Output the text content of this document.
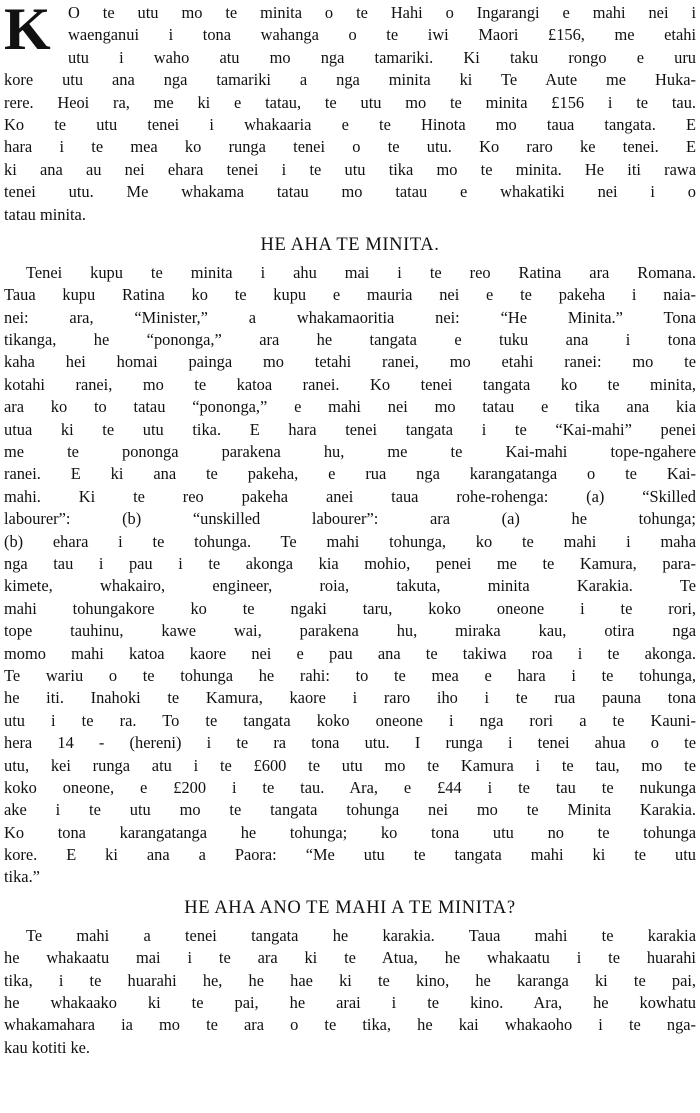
K O te utu mo te minita o te Hahi o Ingarangi e mahi nei i
waenganui i tona wahanga o te iwi Maori £156, me etahi
utu i waho atu mo nga tamariki. Ki taku rongo e uru
kore utu ana nga tamariki a nga minita ki Te Aute me Huka-
rere. Heoi ra, me ki e tatau, te utu mo te minita £156 i te tau.
Ko te utu tenei i whakaaria e te Hinota mo taua tangata. E
hara i te mea ko runga tenei o te utu. Ko raro ke tenei. E
ki ana au nei ehara tenei i te utu tika mo te minita. He iti rawa
tenei utu. Me whakama tatau mo tatau e whakatiki nei i o
tatau minita.
HE AHA TE MINITA.
Tenei kupu te minita i ahu mai i te reo Ratina ara Romana.
Taua kupu Ratina ko te kupu e mauria nei e te pakeha i naia-
nei: ara, “Minister,” a whakamaoritia nei: “He Minita.” Tona
tikanga, he “pononga,” ara he tangata e tuku ana i tona
kaha hei homai painga mo tetahi ranei, mo etahi ranei: mo te
kotahi ranei, mo te katoa ranei. Ko tenei tangata ko te minita,
ara ko to tatau “pononga,” e mahi nei mo tatau e tika ana kia
utua ki te utu tika. E hara tenei tangata i te “Kai-mahi” penei
me te pononga parakena hu, me te Kai-mahi tope-ngahere
ranei. E ki ana te pakeha, e rua nga karangatanga o te Kai-
mahi. Ki te reo pakeha anei taua rohe-rohenga: (a) “Skilled
labourer”: (b) “unskilled labourer”: ara (a) he tohunga;
(b) ehara i te tohunga. Te mahi tohunga, ko te mahi i maha
nga tau i pau i te akonga kia mohio, penei me te Kamura, para-
kimete, whakairo, engineer, roia, takuta, minita Karakia. Te
mahi tohungakore ko te ngaki taru, koko oneone i te rori,
tope tauhinu, kawe wai, parakena hu, miraka kau, otira nga
momo mahi katoa kaore nei e pau ana te takiwa roa i te akonga.
Te wariu o te tohunga he rahi: to te mea e hara i te tohunga,
he iti. Inahoki te Kamura, kaore i raro iho i te rua pauna tona
utu i te ra. To te tangata koko oneone i nga rori a te Kauni-
hera 14 - (hereni) i te ra tona utu. I runga i tenei ahua o te
utu, kei runga atu i te £600 te utu mo te Kamura i te tau, mo te
koko oneone, e £200 i te tau. Ara, e £44 i te tau te nukunga
ake i te utu mo te tangata tohunga nei mo te Minita Karakia.
Ko tona karangatanga he tohunga; ko tona utu no te tohunga
kore. E ki ana a Paora: “Me utu te tangata mahi ki te utu
tika.”
HE AHA ANO TE MAHI A TE MINITA?
Te mahi a tenei tangata he karakia. Taua mahi te karakia
he whakaatu mai i te ara ki te Atua, he whakaatu i te huarahi
tika, i te huarahi he, he hae ki te kino, he karanga ki te pai,
he whakaako ki te pai, he arai i te kino. Ara, he kowhatu
whakamahara ia mo te ara o te tika, he kai whakaoho i te nga-
kau kotiti ke.
